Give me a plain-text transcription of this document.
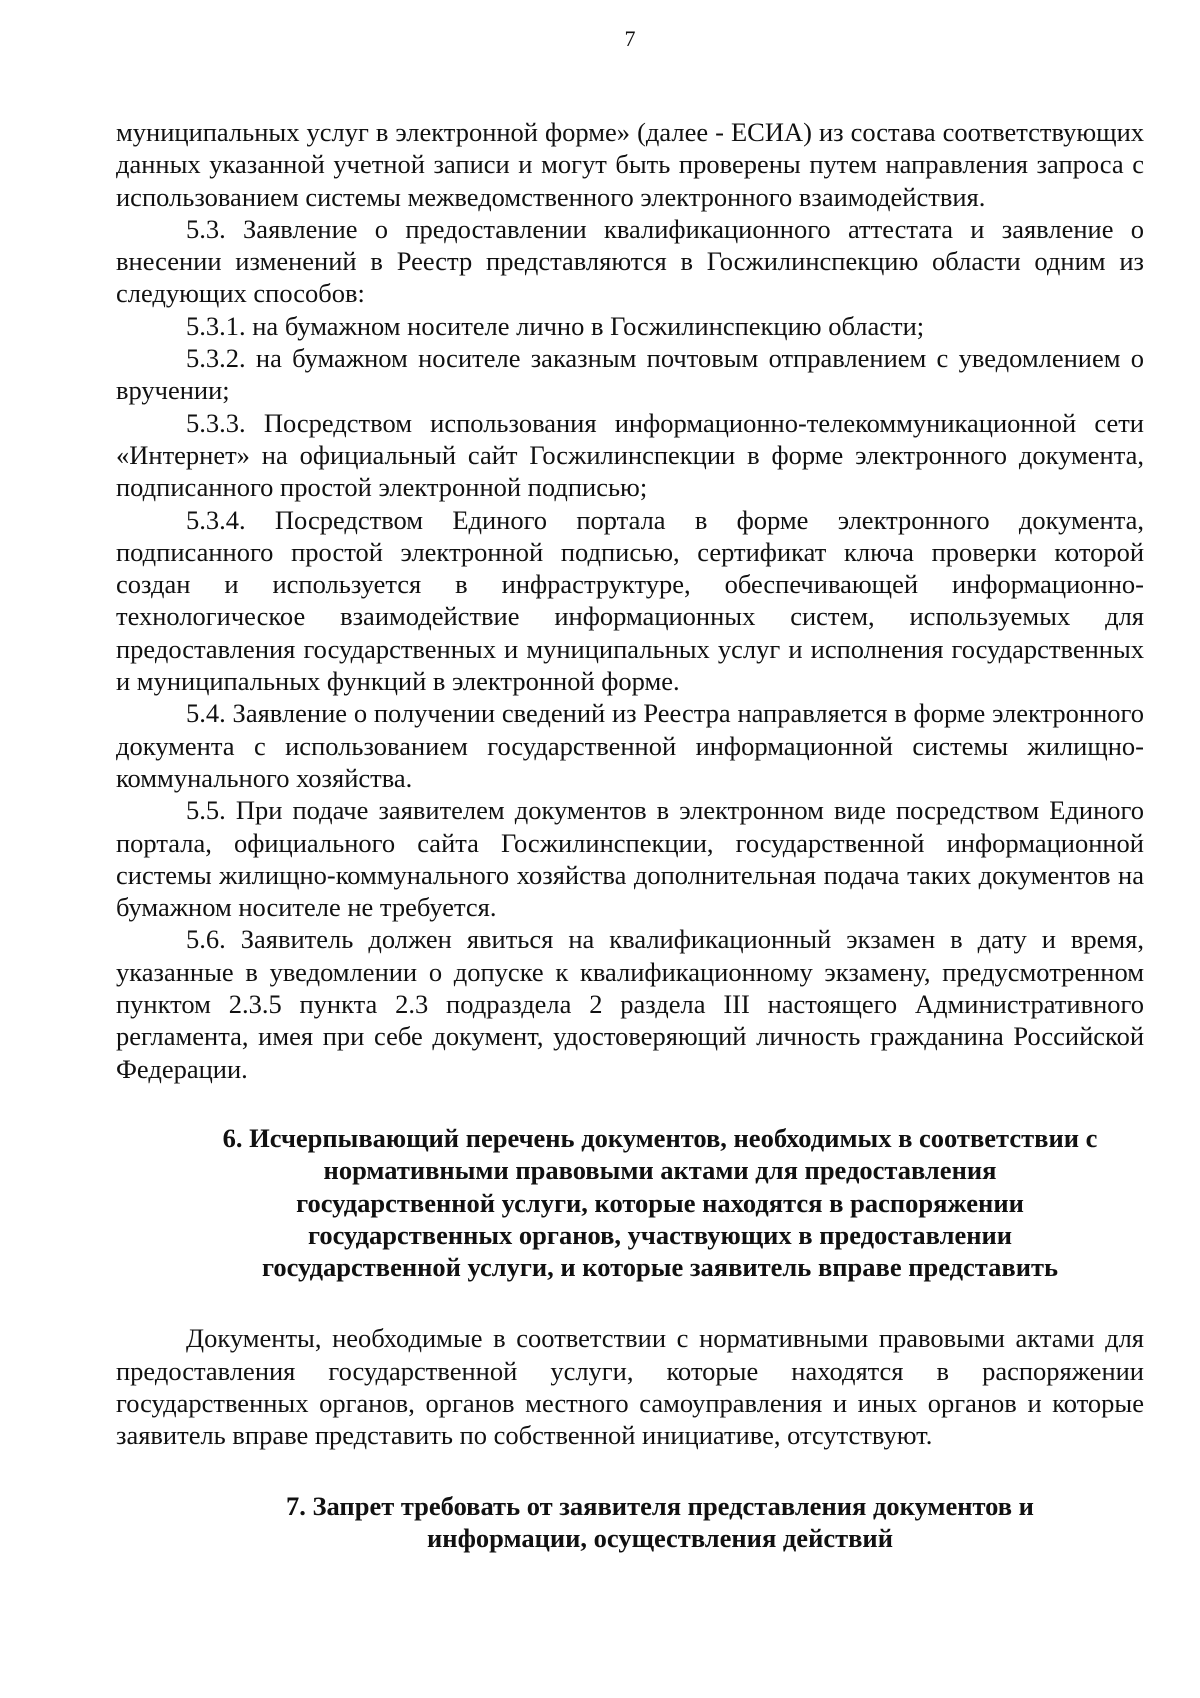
7

муниципальных услуг в электронной форме» (далее - ЕСИА) из состава соответствующих данных указанной учетной записи и могут быть проверены путем направления запроса с использованием системы межведомственного электронного взаимодействия.

5.3. Заявление о предоставлении квалификационного аттестата и заявление о внесении изменений в Реестр представляются в Госжилинспекцию области одним из следующих способов:

5.3.1. на бумажном носителе лично в Госжилинспекцию области;

5.3.2. на бумажном носителе заказным почтовым отправлением с уведомлением о вручении;

5.3.3. Посредством использования информационно-телекоммуникационной сети «Интернет» на официальный сайт Госжилинспекции в форме электронного документа, подписанного простой электронной подписью;

5.3.4. Посредством Единого портала в форме электронного документа, подписанного простой электронной подписью, сертификат ключа проверки которой создан и используется в инфраструктуре, обеспечивающей информационно-технологическое взаимодействие информационных систем, используемых для предоставления государственных и муниципальных услуг и исполнения государственных и муниципальных функций в электронной форме.

5.4. Заявление о получении сведений из Реестра направляется в форме электронного документа с использованием государственной информационной системы жилищно-коммунального хозяйства.

5.5. При подаче заявителем документов в электронном виде посредством Единого портала, официального сайта Госжилинспекции, государственной информационной системы жилищно-коммунального хозяйства дополнительная подача таких документов на бумажном носителе не требуется.

5.6. Заявитель должен явиться на квалификационный экзамен в дату и время, указанные в уведомлении о допуске к квалификационному экзамену, предусмотренном пунктом 2.3.5 пункта 2.3 подраздела 2 раздела III настоящего Административного регламента, имея при себе документ, удостоверяющий личность гражданина Российской Федерации.

6. Исчерпывающий перечень документов, необходимых в соответствии с
нормативными правовыми актами для предоставления
государственной услуги, которые находятся в распоряжении
государственных органов, участвующих в предоставлении
государственной услуги, и которые заявитель вправе представить

Документы, необходимые в соответствии с нормативными правовыми актами для предоставления государственной услуги, которые находятся в распоряжении государственных органов, органов местного самоуправления и иных органов и которые заявитель вправе представить по собственной инициативе, отсутствуют.

7. Запрет требовать от заявителя представления документов и
информации, осуществления действий
